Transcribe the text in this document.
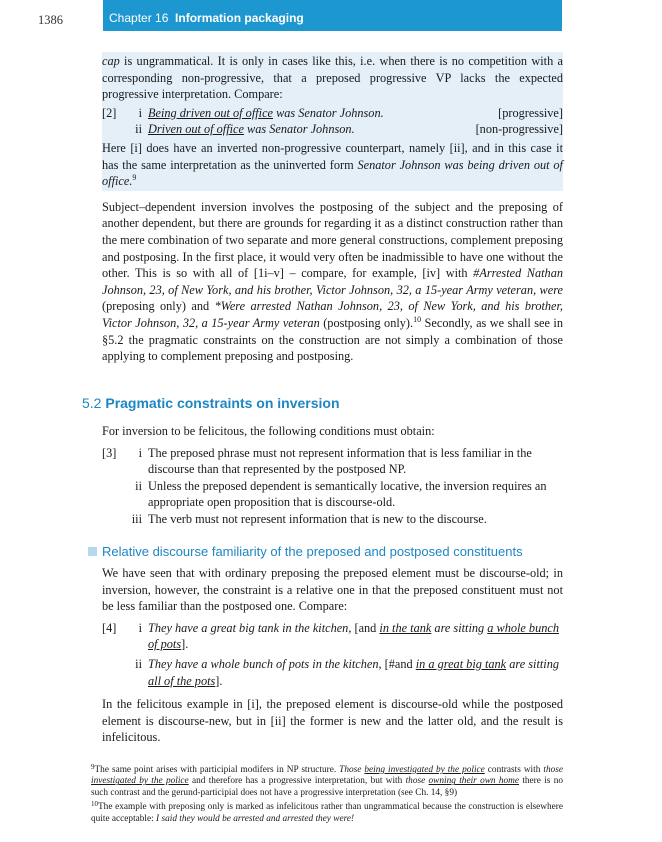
1386	Chapter 16 Information packaging

cap is ungrammatical. It is only in cases like this, i.e. when there is no competition with a corresponding non-progressive, that a preposed progressive VP lacks the expected progressive interpretation. Compare:

[2]	i Being driven out of office was Senator Johnson.	[progressive]
ii Driven out of office was Senator Johnson.	[non-progressive]

Here [i] does have an inverted non-progressive counterpart, namely [ii], and in this case it has the same interpretation as the uninverted form Senator Johnson was being driven out of office.$^9$

Subject–dependent inversion involves the postposing of the subject and the preposing of another dependent, but there are grounds for regarding it as a distinct construction rather than the mere combination of two separate and more general constructions, complement preposing and postposing. In the first place, it would very often be inadmissible to have one without the other. This is so with all of [1i–v] – compare, for example, [iv] with #Arrested Nathan Johnson, 23, of New York, and his brother, Victor Johnson, 32, a 15-year Army veteran, were (preposing only) and *Were arrested Nathan Johnson, 23, of New York, and his brother, Victor Johnson, 32, a 15-year Army veteran (postposing only).$^{10}$ Secondly, as we shall see in §5.2 the pragmatic constraints on the construction are not simply a combination of those applying to complement preposing and postposing.

5.2 Pragmatic constraints on inversion

For inversion to be felicitous, the following conditions must obtain:

[3]	i The preposed phrase must not represent information that is less familiar in the discourse than that represented by the postposed NP.
ii Unless the preposed dependent is semantically locative, the inversion requires an appropriate open proposition that is discourse-old.
iii The verb must not represent information that is new to the discourse.
Relative discourse familiarity of the preposed and postposed constituents

We have seen that with ordinary preposing the preposed element must be discourse-old; in inversion, however, the constraint is a relative one in that the preposed constituent must not be less familiar than the postposed one. Compare:

[4]	i They have a great big tank in the kitchen, [and in the tank are sitting a whole bunch of pots].
ii They have a whole bunch of pots in the kitchen, [#and in a great big tank are sitting all of the pots].

In the felicitous example in [i], the preposed element is discourse-old while the postposed element is discourse-new, but in [ii] the former is new and the latter old, and the result is infelicitous.

$^9$The same point arises with participial modifers in NP structure. Those being investigated by the police contrasts with those investigated by the police and therefore has a progressive interpretation, but with those owning their own home there is no such contrast and the gerund-participial does not have a progressive interpretation (see Ch. 14, §9)

$^{10}$The example with preposing only is marked as infelicitous rather than ungrammatical because the construction is elsewhere quite acceptable: I said they would be arrested and arrested they were!
